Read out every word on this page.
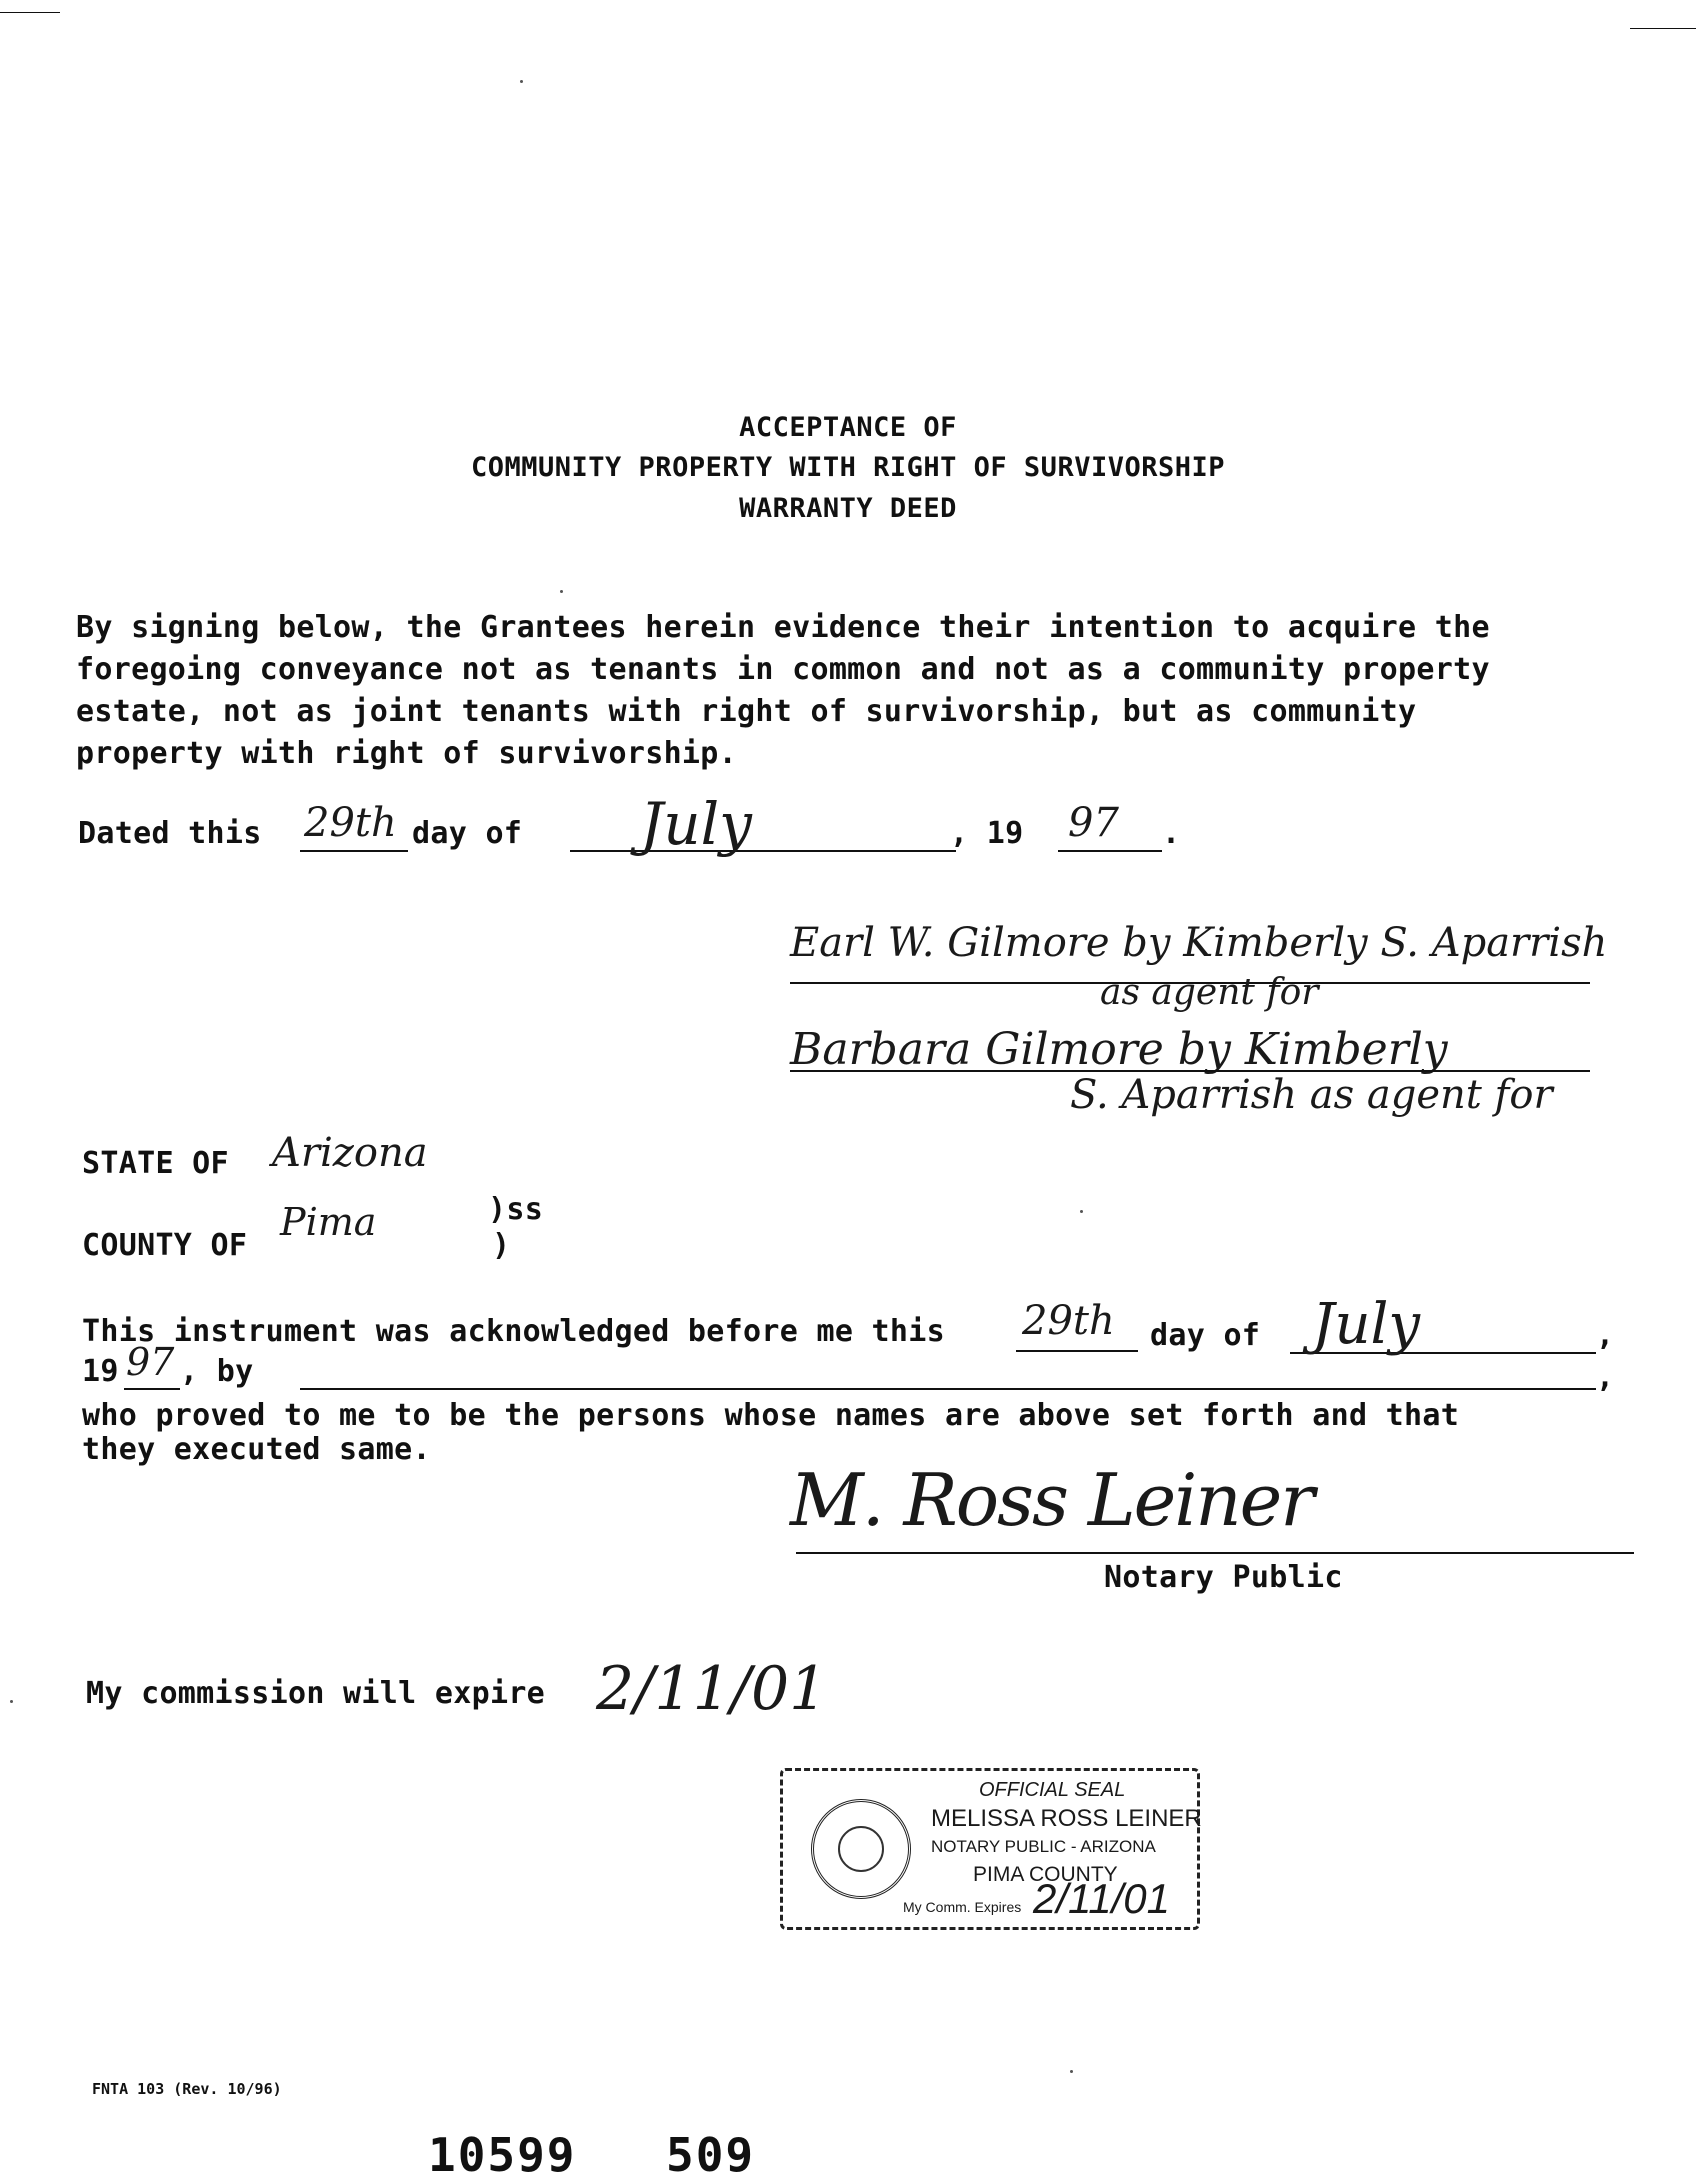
ACCEPTANCE OF
COMMUNITY PROPERTY WITH RIGHT OF SURVIVORSHIP
WARRANTY DEED
By signing below, the Grantees herein evidence their intention to acquire the
foregoing conveyance not as tenants in common and not as a community property
estate, not as joint tenants with right of survivorship, but as community
property with right of survivorship.
Dated this 29th day of July	, 19 97 .
Earl W. Gilmore by Kimberly S. Aparrish
as agent for
Barbara Gilmore by Kimberly
S. Aparrish as agent for
STATE OF Arizona
)ss
COUNTY OF
Pima
)
This instrument was acknowledged before me this 29th day of July	,
19 97 , by	,
who proved to me to be the persons whose names are above set forth and that
they executed same.
M. Ross Leiner
Notary Public
My commission will expire 2/11/01
OFFICIAL SEAL
MELISSA ROSS LEINER
NOTARY PUBLIC - ARIZONA
PIMA COUNTY
My Comm. Expires 2/11/01
FNTA 103 (Rev. 10/96)
10599 509
